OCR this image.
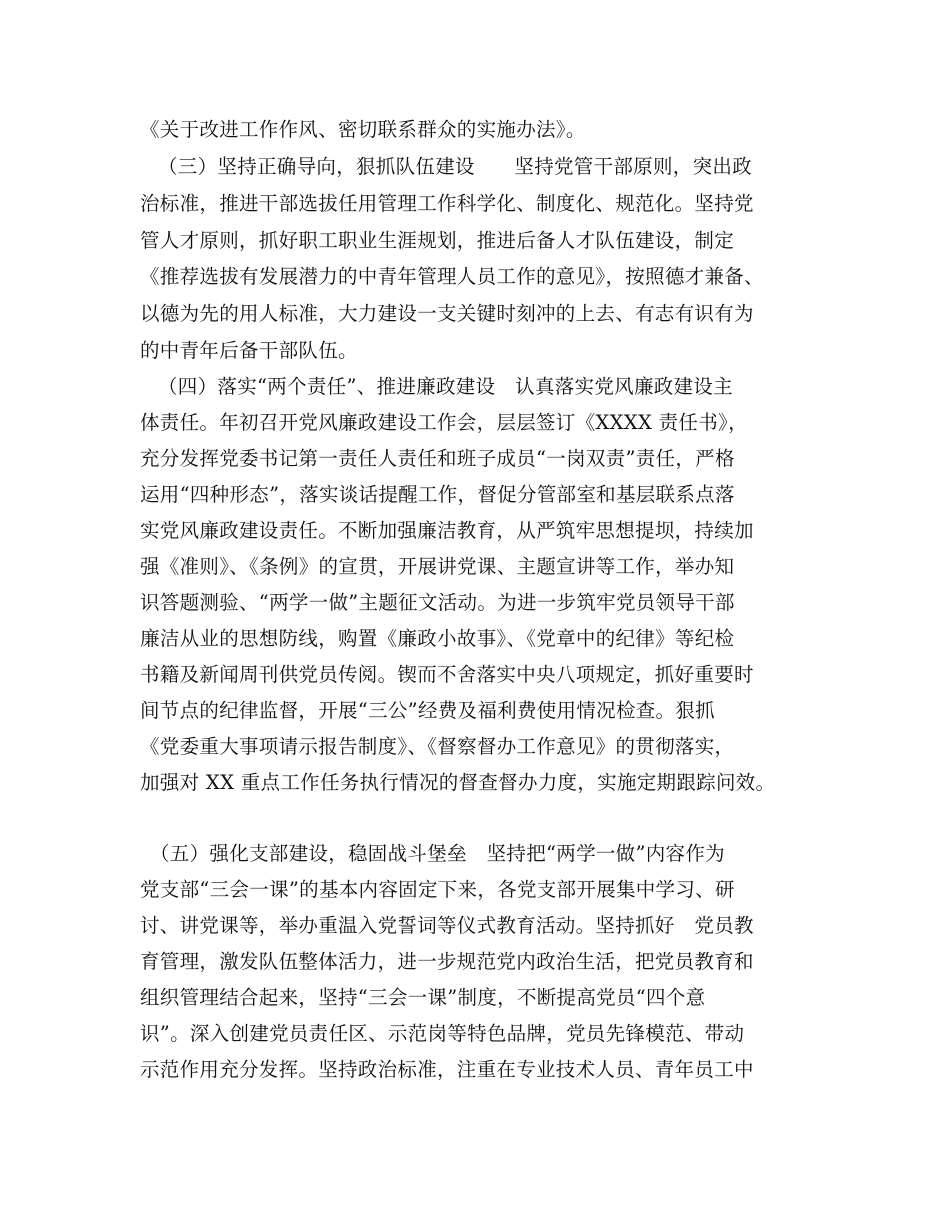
《关于改进工作作风、密切联系群众的实施办法》。
（三）坚持正确导向，狠抓队伍建设　　坚持党管干部原则，突出政
治标准，推进干部选拔任用管理工作科学化、制度化、规范化。坚持党
管人才原则，抓好职工职业生涯规划，推进后备人才队伍建设，制定
《推荐选拔有发展潜力的中青年管理人员工作的意见》，按照德才兼备、
以德为先的用人标准，大力建设一支关键时刻冲的上去、有志有识有为
的中青年后备干部队伍。
（四）落实“两个责任”、推进廉政建设　认真落实党风廉政建设主
体责任。年初召开党风廉政建设工作会，层层签订《XXXX 责任书》，
充分发挥党委书记第一责任人责任和班子成员“一岗双责”责任，严格
运用“四种形态”，落实谈话提醒工作，督促分管部室和基层联系点落
实党风廉政建设责任。不断加强廉洁教育，从严筑牢思想提坝，持续加
强《准则》、《条例》的宣贯，开展讲党课、主题宣讲等工作，举办知
识答题测验、“两学一做”主题征文活动。为进一步筑牢党员领导干部
廉洁从业的思想防线，购置《廉政小故事》、《党章中的纪律》等纪检
书籍及新闻周刊供党员传阅。锲而不舍落实中央八项规定，抓好重要时
间节点的纪律监督，开展“三公”经费及福利费使用情况检查。狠抓
《党委重大事项请示报告制度》、《督察督办工作意见》的贯彻落实，
加强对 XX 重点工作任务执行情况的督查督办力度，实施定期跟踪问效。
（五）强化支部建设，稳固战斗堡垒　坚持把“两学一做”内容作为
党支部“三会一课”的基本内容固定下来，各党支部开展集中学习、研
讨、讲党课等，举办重温入党誓词等仪式教育活动。坚持抓好　党员教
育管理，激发队伍整体活力，进一步规范党内政治生活，把党员教育和
组织管理结合起来，坚持“三会一课”制度，不断提高党员“四个意
识”。深入创建党员责任区、示范岗等特色品牌，党员先锋模范、带动
示范作用充分发挥。坚持政治标准，注重在专业技术人员、青年员工中
